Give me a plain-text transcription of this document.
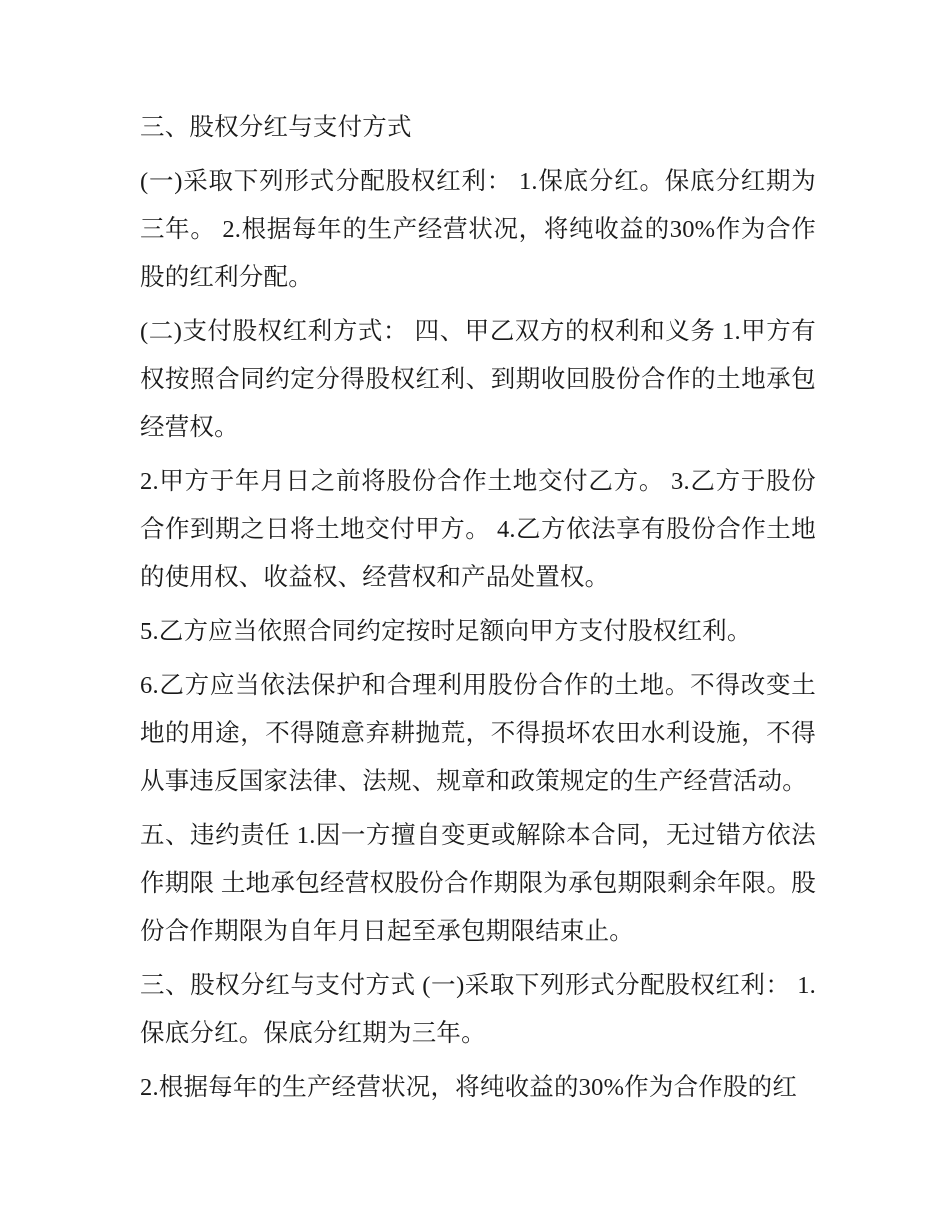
三、股权分红与支付方式

(一)采取下列形式分配股权红利： 1.保底分红。保底分红期为三年。 2.根据每年的生产经营状况，将纯收益的30%作为合作股的红利分配。

(二)支付股权红利方式： 四、甲乙双方的权利和义务 1.甲方有权按照合同约定分得股权红利、到期收回股份合作的土地承包经营权。

2.甲方于年月日之前将股份合作土地交付乙方。 3.乙方于股份合作到期之日将土地交付甲方。 4.乙方依法享有股份合作土地的使用权、收益权、经营权和产品处置权。

5.乙方应当依照合同约定按时足额向甲方支付股权红利。

6.乙方应当依法保护和合理利用股份合作的土地。不得改变土地的用途，不得随意弃耕抛荒，不得损坏农田水利设施，不得从事违反国家法律、法规、规章和政策规定的生产经营活动。

五、违约责任 1.因一方擅自变更或解除本合同，无过错方依法作期限 土地承包经营权股份合作期限为承包期限剩余年限。股份合作期限为自年月日起至承包期限结束止。

三、股权分红与支付方式 (一)采取下列形式分配股权红利： 1.保底分红。保底分红期为三年。

2.根据每年的生产经营状况，将纯收益的30%作为合作股的红
